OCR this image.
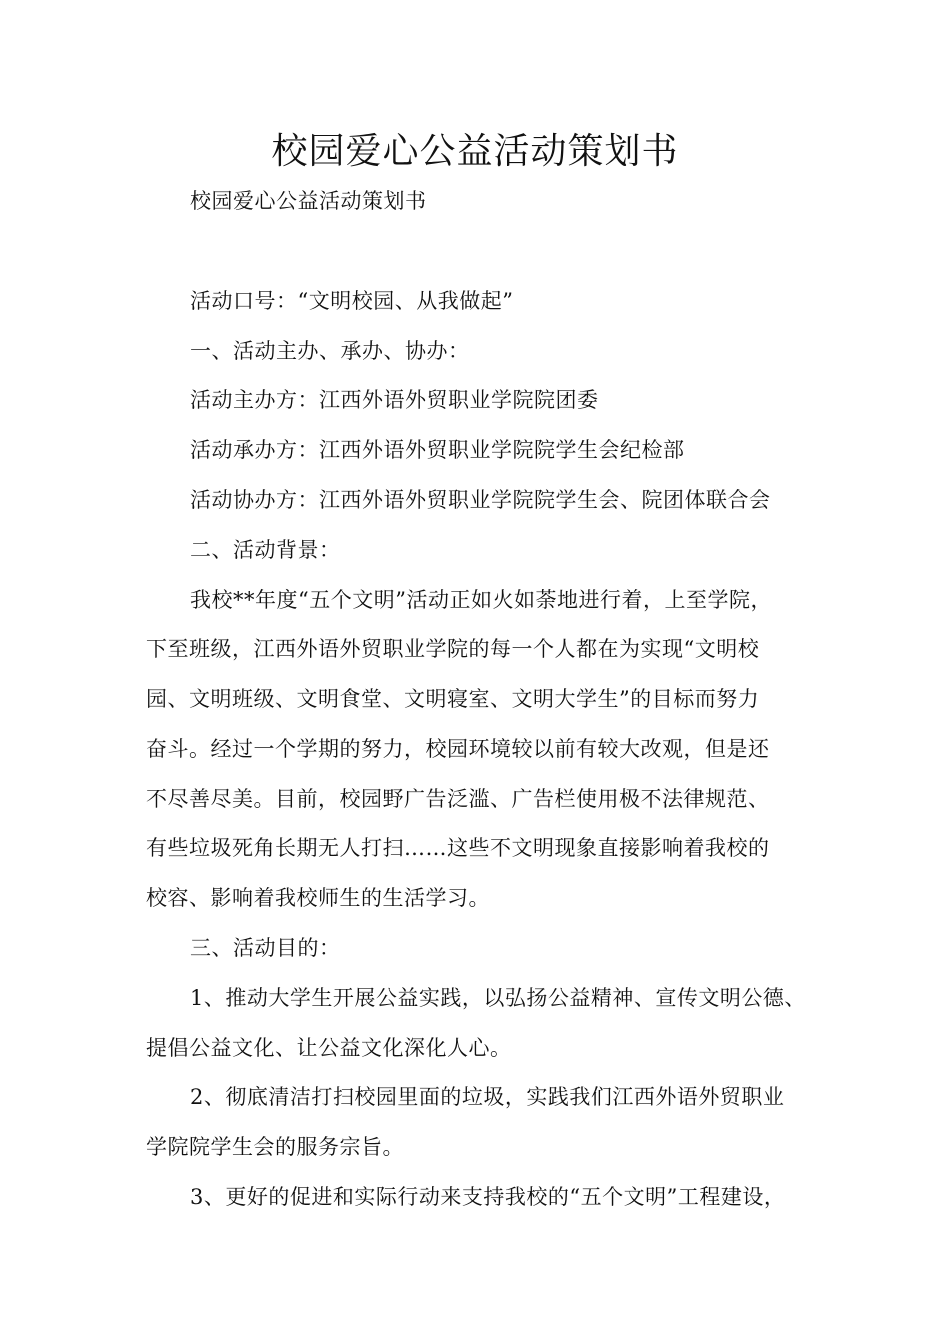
校园爱心公益活动策划书
校园爱心公益活动策划书
活动口号：“文明校园、从我做起”
一、活动主办、承办、协办：
活动主办方：江西外语外贸职业学院院团委
活动承办方：江西外语外贸职业学院院学生会纪检部
活动协办方：江西外语外贸职业学院院学生会、院团体联合会
二、活动背景：
我校**年度“五个文明”活动正如火如荼地进行着，上至学院，
下至班级，江西外语外贸职业学院的每一个人都在为实现“文明校
园、文明班级、文明食堂、文明寝室、文明大学生”的目标而努力
奋斗。经过一个学期的努力，校园环境较以前有较大改观，但是还
不尽善尽美。目前，校园野广告泛滥、广告栏使用极不法律规范、
有些垃圾死角长期无人打扫……这些不文明现象直接影响着我校的
校容、影响着我校师生的生活学习。
三、活动目的：
1、推动大学生开展公益实践，以弘扬公益精神、宣传文明公德、
提倡公益文化、让公益文化深化人心。
2、彻底清洁打扫校园里面的垃圾，实践我们江西外语外贸职业
学院院学生会的服务宗旨。
3、更好的促进和实际行动来支持我校的“五个文明”工程建设，
